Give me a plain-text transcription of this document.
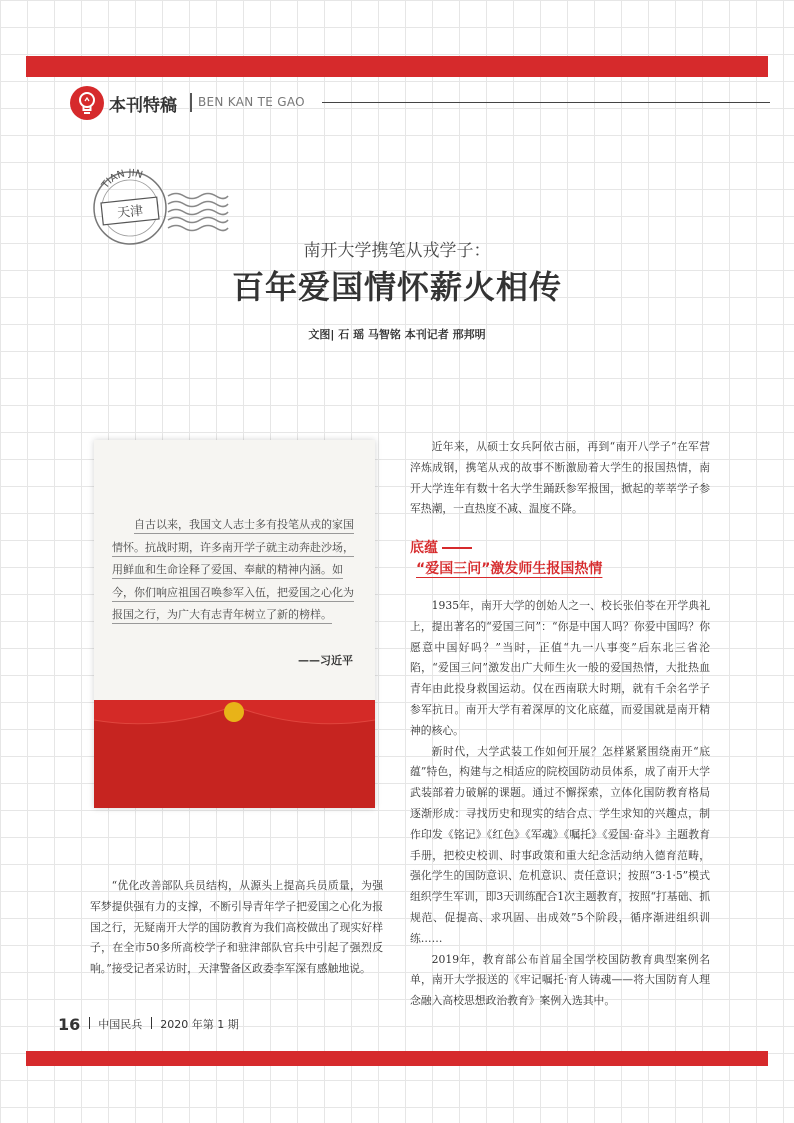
本刊特稿 BEN KAN TE GAO
TIAN JIN
天津
南开大学携笔从戎学子：
百年爱国情怀薪火相传
文图| 石 瑶 马智铭 本刊记者 邢邦明
自古以来，我国文人志士多有投笔从戎的家国情怀。抗战时期，许多南开学子就主动奔赴沙场，用鲜血和生命诠释了爱国、奉献的精神内涵。如今，你们响应祖国召唤参军入伍，把爱国之心化为报国之行，为广大有志青年树立了新的榜样。
——习近平

近年来，从硕士女兵阿依古丽，再到“南开八学子”在军营淬炼成钢，携笔从戎的故事不断激励着大学生的报国热情，南开大学连年有数十名大学生踊跃参军报国，掀起的莘莘学子参军热潮，一直热度不减、温度不降。

底蕴
“爱国三问”激发师生报国热情

1935年，南开大学的创始人之一、校长张伯苓在开学典礼上，提出著名的“爱国三问”：“你是中国人吗？你爱中国吗？你愿意中国好吗？”当时，正值“九一八事变”后东北三省沦陷，“爱国三问”激发出广大师生火一般的爱国热情，大批热血青年由此投身救国运动。仅在西南联大时期，就有千余名学子参军抗日。南开大学有着深厚的文化底蕴，而爱国就是南开精神的核心。

新时代，大学武装工作如何开展？怎样紧紧围绕南开“底蕴”特色，构建与之相适应的院校国防动员体系，成了南开大学武装部着力破解的课题。通过不懈探索，立体化国防教育格局逐渐形成：寻找历史和现实的结合点、学生求知的兴趣点，制作印发《铭记》《红色》《军魂》《嘱托》《爱国·奋斗》主题教育手册，把校史校训、时事政策和重大纪念活动纳入德育范畴，强化学生的国防意识、危机意识、责任意识；按照“3·1·5”模式组织学生军训，即3天训练配合1次主题教育，按照“打基础、抓规范、促提高、求巩固、出成效”5个阶段，循序渐进组织训练……

2019年，教育部公布首届全国学校国防教育典型案例名单，南开大学报送的《牢记嘱托·育人铸魂——将大国防育人理念融入高校思想政治教育》案例入选其中。

“优化改善部队兵员结构，从源头上提高兵员质量，为强军梦提供强有力的支撑，不断引导青年学子把爱国之心化为报国之行，无疑南开大学的国防教育为我们高校做出了现实好样子，在全市50多所高校学子和驻津部队官兵中引起了强烈反响。”接受记者采访时，天津警备区政委李军深有感触地说。

16 中国民兵 2020 年第 1 期
